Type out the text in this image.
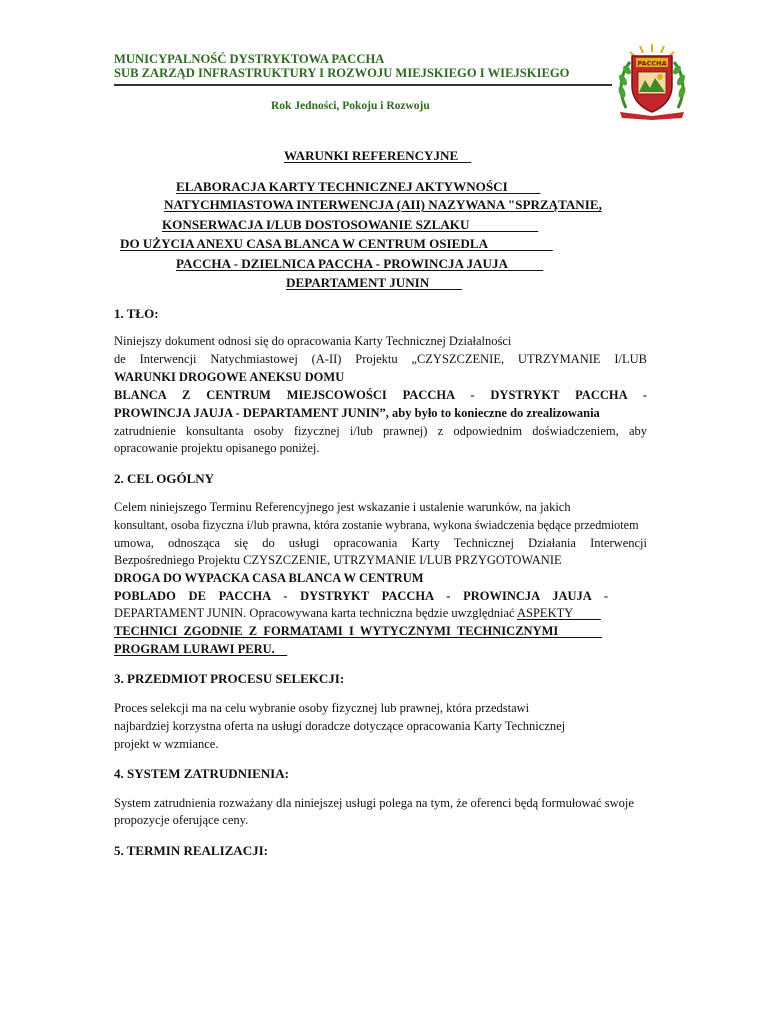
MUNICYPALNOŚĆ DYSTRYKTOWA PACCHA
SUB ZARZĄD INFRASTRUKTURY I ROZWOJU MIEJSKIEGO I WIEJSKIEGO
Rok Jedności, Pokoju i Rozwoju
PACCHA
WARUNKI REFERENCYJNE
ELABORACJA KARTY TECHNICZNEJ AKTYWNOŚCI
NATYCHMIASTOWA INTERWENCJA (AII) NAZYWANA "SPRZĄTANIE,
KONSERWACJA I/LUB DOSTOSOWANIE SZLAKU
DO UŻYCIA ANEXU CASA BLANCA W CENTRUM OSIEDLA
PACCHA - DZIELNICA PACCHA - PROWINCJA JAUJA
DEPARTAMENT JUNIN
1. TŁO:
Niniejszy dokument odnosi się do opracowania Karty Technicznej Działalności
de Interwencji Natychmiastowej (A-II) Projektu „CZYSZCZENIE, UTRZYMANIE I/LUB
WARUNKI DROGOWE ANEKSU DOMU
BLANCA Z CENTRUM MIEJSCOWOŚCI PACCHA - DYSTRYKT PACCHA -
PROWINCJA JAUJA - DEPARTAMENT JUNIN”, aby było to konieczne do zrealizowania
zatrudnienie konsultanta osoby fizycznej i/lub prawnej) z odpowiednim doświadczeniem, aby
opracowanie projektu opisanego poniżej.
2. CEL OGÓLNY
Celem niniejszego Terminu Referencyjnego jest wskazanie i ustalenie warunków, na jakich
konsultant, osoba fizyczna i/lub prawna, która zostanie wybrana, wykona świadczenia będące przedmiotem
umowa, odnosząca się do usługi opracowania Karty Technicznej Działania Interwencji
Bezpośredniego Projektu CZYSZCZENIE, UTRZYMANIE I/LUB PRZYGOTOWANIE
DROGA DO WYPACKA CASA BLANCA W CENTRUM
POBLADO DE PACCHA - DYSTRYKT PACCHA - PROWINCJA JAUJA -
DEPARTAMENT JUNIN. Opracowywana karta techniczna będzie uwzględniać ASPEKTY
TECHNICI  ZGODNIE  Z  FORMATAMI  I  WYTYCZNYMI  TECHNICZNYMI
PROGRAM LURAWI PERU.
3. PRZEDMIOT PROCESU SELEKCJI:
Proces selekcji ma na celu wybranie osoby fizycznej lub prawnej, która przedstawi
najbardziej korzystna oferta na usługi doradcze dotyczące opracowania Karty Technicznej
projekt w wzmiance.
4. SYSTEM ZATRUDNIENIA:
System zatrudnienia rozważany dla niniejszej usługi polega na tym, że oferenci będą formułować swoje
propozycje oferujące ceny.
5. TERMIN REALIZACJI:
